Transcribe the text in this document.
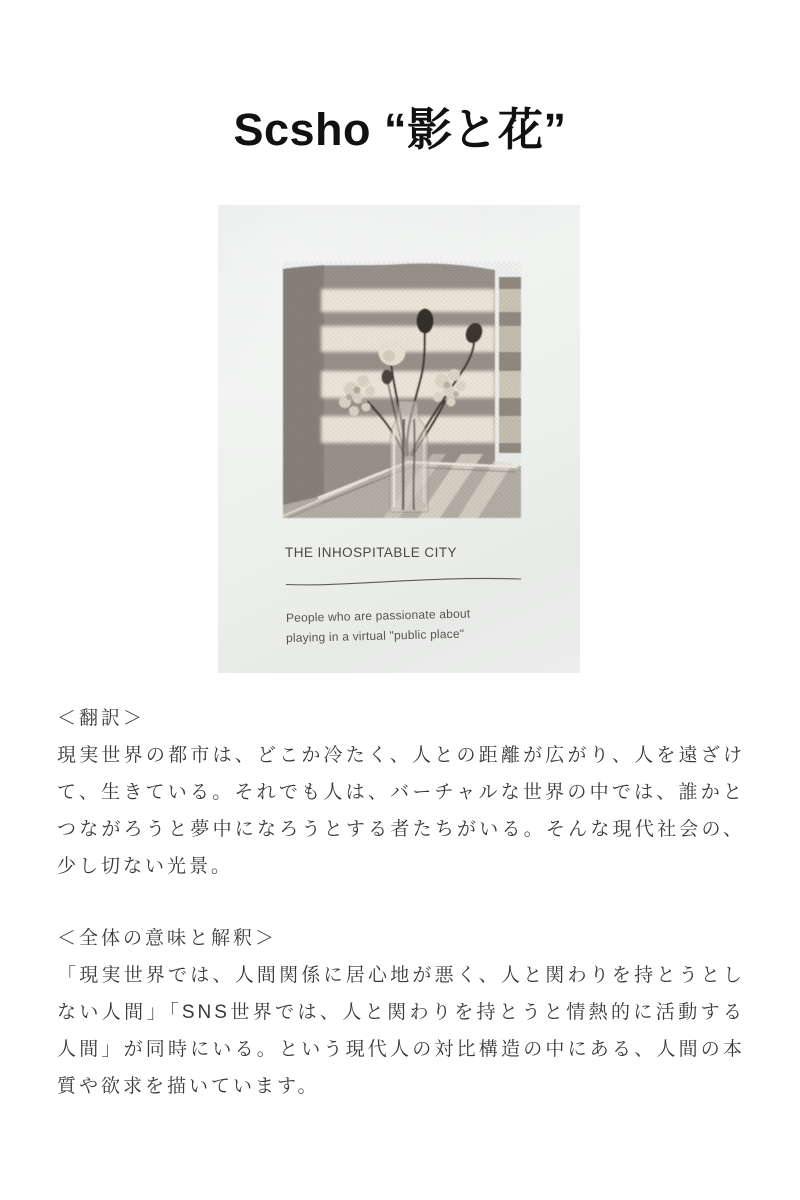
Scsho “影と花”
THE INHOSPITABLE CITY
People who are passionate about
playing in a virtual "public place"
＜翻訳＞
現実世界の都市は、どこか冷たく、人との距離が広がり、人を遠ざけ
て、生きている。それでも人は、バーチャルな世界の中では、誰かと
つながろうと夢中になろうとする者たちがいる。そんな現代社会の、
少し切ない光景。
＜全体の意味と解釈＞
「現実世界では、人間関係に居心地が悪く、人と関わりを持とうとし
ない人間」「SNS世界では、人と関わりを持とうと情熱的に活動する
人間」が同時にいる。という現代人の対比構造の中にある、人間の本
質や欲求を描いています。
